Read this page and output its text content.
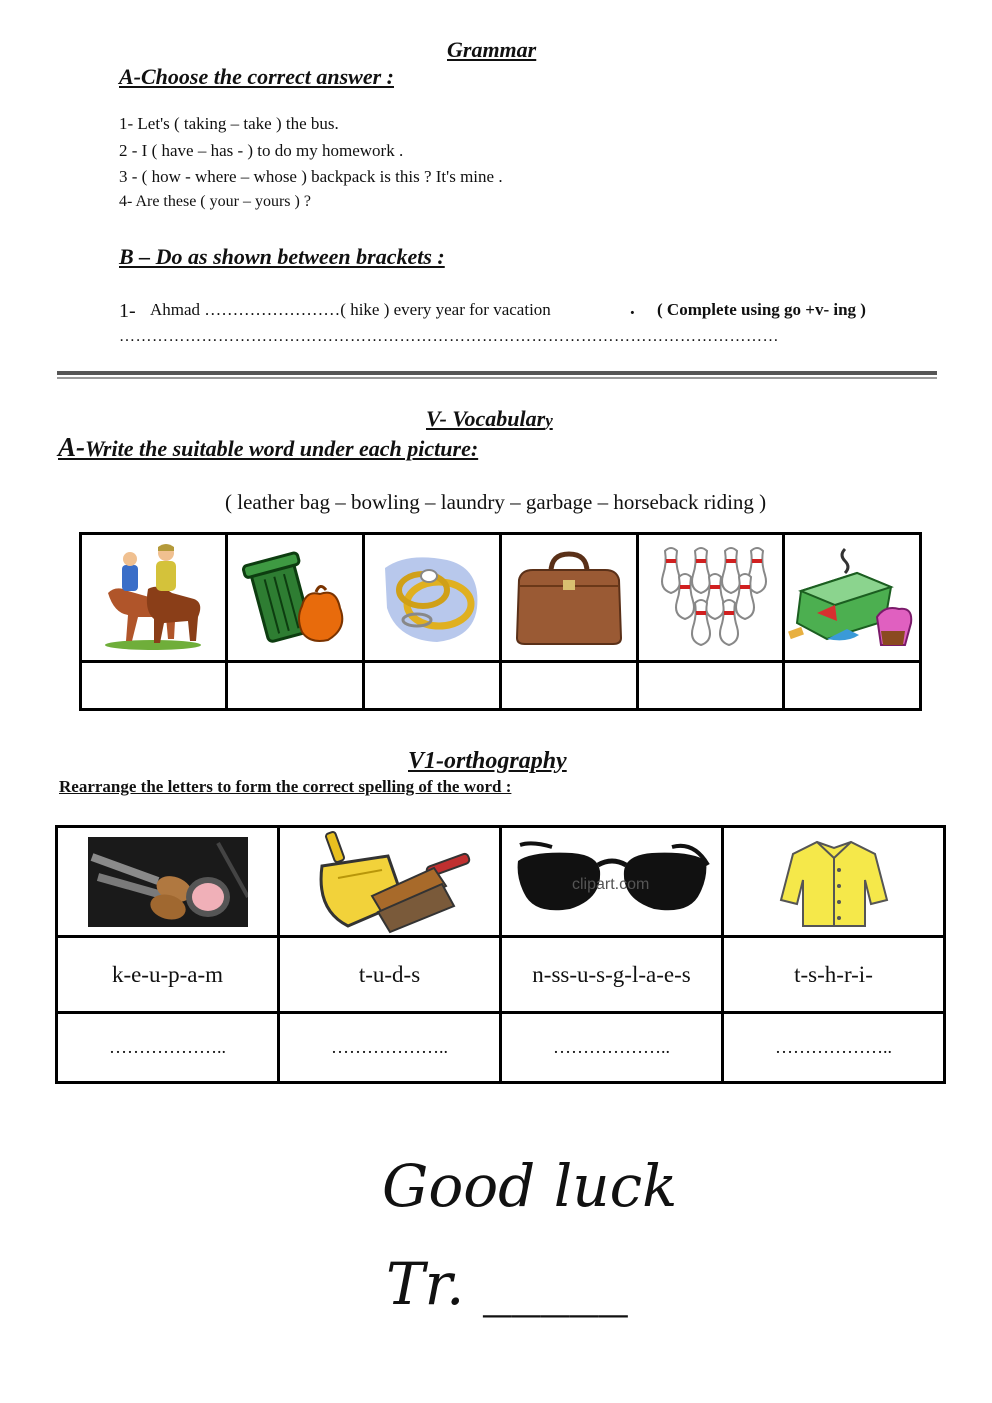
Grammar
A-Choose the correct answer :
1- Let's ( taking – take ) the bus.
2 - I ( have – has - ) to do my homework .
3 - ( how - where – whose ) backpack is this ? It's mine .
4- Are these ( your – yours ) ?
B – Do as shown between brackets :
1- Ahmad ……………………( hike ) every year for vacation	. ( Complete using go +v- ing )
…………………………………………………………………………………………………………
V- Vocabulary
A-Write the suitable word under each picture:
( leather bag – bowling – laundry – garbage – horseback riding )

V1-orthography
Rearrange the letters to form the correct spelling of the word :

clipart.com

k-e-u-p-a-m	t-u-d-s	n-ss-u-s-g-l-a-e-s	t-s-h-r-i-
………………..	………………..	………………..	………………..
Good luck
Tr. _____
